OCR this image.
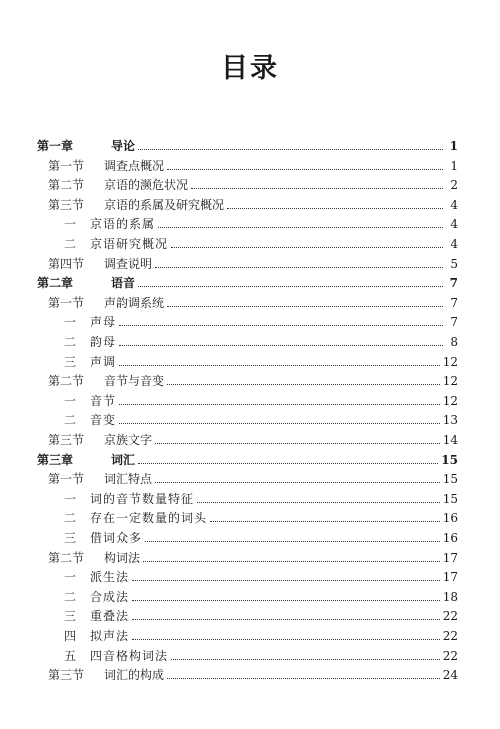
目录
第一章	导论	1
第一节	调查点概况	1
第二节	京语的濒危状况	2
第三节	京语的系属及研究概况	4
一	京语的系属	4
二	京语研究概况	4
第四节	调查说明	5
第二章	语音	7
第一节	声韵调系统	7
一	声母	7
二	韵母	8
三	声调	12
第二节	音节与音变	12
一	音节	12
二	音变	13
第三节	京族文字	14
第三章	词汇	15
第一节	词汇特点	15
一	词的音节数量特征	15
二	存在一定数量的词头	16
三	借词众多	16
第二节	构词法	17
一	派生法	17
二	合成法	18
三	重叠法	22
四	拟声法	22
五	四音格构词法	22
第三节	词汇的构成	24
